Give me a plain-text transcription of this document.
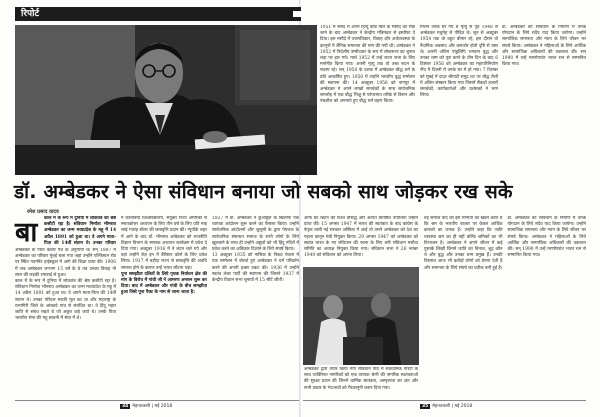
रिपोर्ट
डॉ. अम्बेडकर ने ऐसा संविधान बनाया जो सबको साथ जोड़कर रख सके
रमेश प्रसाद यादव
बा

1951 में संसद में अपने हिन्दू कोड बिल के मसौदे को रोके जाने के बाद अम्बेडकर ने केन्द्रीय मंत्रिमंडल से इस्तीफा दे दिया। इस मसौदे में उत्तराधिकार, विवाह और अर्थव्यवस्था के कानूनों में लैंगिक समानता की मांग की गयी थी। अम्बेडकर ने 1952 में निर्दलीय उम्मीदवार के रूप में लोकसभा का चुनाव लड़ा पर हार गये। मार्च 1952 में उन्हें राज्य सभा के लिए मनोनीत किया गया। अपनी मृत्यु तक वो उच्च सदन के सदस्य रहे। सन् 1950 के दशक में अम्बेडकर बौद्ध धर्म के प्रति आकर्षित हुए। 1950 में उन्होंने भारतीय बुद्ध सम्मेलन की स्थापना की। 14 अक्टूबर 1956 को नागपुर में अम्बेडकर ने अपने लाखों समर्थकों के साथ सार्वजनिक समारोह में एक बौद्ध भिक्षु से परंपरागत तरीके से त्रिरत्न और पंचशील को अपनाते हुए बौद्ध धर्म ग्रहण किया।

मिलने उनके घर गये थे मृत्यु से पूर्व 1948 से अम्बेडकर मधुमेह से पीड़ित थे। जून से अक्टूबर 1954 तक वो बहुत बीमार रहे, इस दौरान वो नैदानिक अवसाद और कमजोर होती दृष्टि से ग्रस्त थे। अपनी अंतिम पांडुलिपि भगवान बुद्ध और उनका धम्म को पूरा करने के तीन दिन के बाद 6 दिसंबर 1956 को अम्बेडकर का महापरिनिर्वाण नींद में दिल्ली में उनके घर में हो गया। 7 दिसंबर को मुंबई में दादर चौपाटी समुद्र तट पर बौद्ध शैली में अंतिम संस्कार किया गया जिसमें सैकड़ों हजारों समर्थकों, कार्यकर्ताओं और प्रशंसकों ने भाग लिया।

डॉ. अम्बेडकर को संविधान के निर्माण में उनके योगदान के लिये सदैव याद किया जायेगा। उन्होंने सामाजिक समानता और न्याय के लिये जीवन भर संघर्ष किया। अम्बेडकर ने महिलाओं के लिये आर्थिक और सामाजिक अधिकारों की वकालत की। सन् 1990 में उन्हें मरणोपरांत भारत रत्न से सम्मानित किया गया।

काल में के रूप में दुनिया में लोकतंत्र की श्रेष्ठ कसौटी रहा है। संविधान निर्माता भीमराव अम्बेडकर का जन्म मध्यप्रदेश के महू में 14 अप्रैल 1891 को हुआ था। वे अपने माता-पिता की 14वीं संतान थे। उनका परिवार

अम्बेडकर के पिता कबीर पंथ के अनुयायी थे। सन् 1897 में अम्बेडकर का परिवार मुंबई चला गया जहां उन्होंने एल्फिंस्टन रोड पर स्थित गवर्नमेंट हाईस्कूल में आगे की शिक्षा प्राप्त की। 1906 में जब अम्बेडकर लगभग 15 वर्ष के थे तब उनका विवाह नौ साल की लड़की रमाबाई से हुआ।

काल में के रूप में दुनिया में लोकतंत्र की श्रेष्ठ कसौटी रहा है। संविधान निर्माता भीमराव अम्बेडकर का जन्म मध्यप्रदेश के महू में 14 अप्रैल 1891 को हुआ था। वे अपने माता-पिता की 14वीं संतान थे। उनका परिवार मराठी मूल का था और महाराष्ट्र के रत्नागिरी जिले के आंबडवे गांव से संबंधित था। वे हिंदू महार जाति से संबंध रखते थे जो अछूत कहे जाते थे। उनके पिता भारतीय सेना की महू छावनी में सेवा में थे।

ने कोलंबिया विश्वविद्यालय, संयुक्त राज्य अमेरिका से स्नातकोत्तर अध्ययन के लिए तीन वर्ष के लिए प्रति माह साढ़े ग्यारह डॉलर की छात्रवृत्ति प्रदान की। न्यूयॉर्क शहर में आने के बाद डॉ. भीमराव आंबेडकर को राजनीति विज्ञान विभाग के स्नातक अध्ययन कार्यक्रम में प्रवेश दे दिया गया। अक्टूबर 1916 में वे लंदन चले गये और वहां उन्होंने ग्रेज़ इन में बैरिस्टर कोर्स के लिए प्रवेश लिया। 1917 में बड़ौदा राज्य से छात्रवृत्ति की अवधि समाप्त होने के कारण उन्हें भारत लौटना पड़ा।

पूना समझौता दलितों के लिये पृथक निर्वाचन क्षेत्र की मांग के विरोध में गांधी जी ने आमरण अनशन शुरू कर दिया। बाद में अम्बेडकर और गांधी के बीच समझौता हुआ जिसे पूना पैक्ट के नाम से जाना जाता है।

1927 में डॉ. अम्बेडकर ने छुआछूत के खिलाफ एक व्यापक आंदोलन शुरू करने का फैसला किया। उन्होंने सार्वजनिक आंदोलनों और जुलूसों के द्वारा पेयजल के सार्वजनिक संसाधन समाज के सभी लोगों के लिये खुलवाने के साथ ही उन्होंने अछूतों को भी हिंदू मंदिरों में प्रवेश करने का अधिकार दिलाने के लिये संघर्ष किया।

13 अक्टूबर 1935 को नासिक के निकट येवला में एक सम्मेलन में बोलते हुए अम्बेडकर ने धर्म परिवर्तन करने की अपनी इच्छा प्रकट की। 1936 में उन्होंने स्वतंत्र लेबर पार्टी की स्थापना की जिसने 1937 में केन्द्रीय विधान सभा चुनावों में 15 सीटें जीतीं।

ऑफ ग्रेट ब्रिटेन की विश्व प्रसिद्ध और अत्यंत प्रतिष्ठित उपाधियाँ उन्होंने प्राप्त कीं। 15 अगस्त 1947 में भारत की स्वतंत्रता के बाद कांग्रेस के नेतृत्व वाली नई सरकार अस्तित्व में आई तो उसने अम्बेडकर को देश का पहला कानून मंत्री नियुक्त किया। 29 अगस्त 1947 को अम्बेडकर को स्वतंत्र भारत के नए संविधान की रचना के लिए बनी संविधान मसौदा समिति का अध्यक्ष नियुक्त किया गया। संविधान सभा ने 26 नवंबर 1949 को संविधान को अपना लिया।

अम्बेडकर द्वारा तैयार किया गया संविधान पाठ में संवैधानिक गारंटी के साथ व्यक्तिगत नागरिकों को एक व्यापक श्रेणी की नागरिक स्वतंत्रताओं की सुरक्षा प्रदान की जिनमें धार्मिक स्वतंत्रता, अस्पृश्यता का अंत और सभी प्रकार के भेदभावों को गैरकानूनी करार दिया गया।

वह समाज वाद की इस मान्यता का खंडन करते थे कि श्रम के भारतीय बाजार पर केवल आर्थिक कारकों का प्रभाव है। उन्होंने कहा कि जाति व्यवस्था श्रम का ही नहीं बल्कि श्रमिकों का भी विभाजन है। अम्बेडकर ने अपने जीवन में कई पुस्तकें लिखीं जिनमें जाति का विनाश, शूद्र कौन थे और बुद्ध और उनका धम्म प्रमुख हैं। उनकी विरासत आज भी करोड़ों लोगों को प्रेरणा देती है और समानता के लिये संघर्ष का प्रतीक बनी हुई है।

डॉ. अम्बेडकर को संविधान के निर्माण में उनके योगदान के लिये सदैव याद किया जायेगा। उन्होंने सामाजिक समानता और न्याय के लिये जीवन भर संघर्ष किया। अम्बेडकर ने महिलाओं के लिये आर्थिक और सामाजिक अधिकारों की वकालत की। सन् 1990 में उन्हें मरणोपरांत भारत रत्न से सम्मानित किया गया।

34 मेहनतकशी | मई 2018	35 मेहनतकशी | मई 2018
